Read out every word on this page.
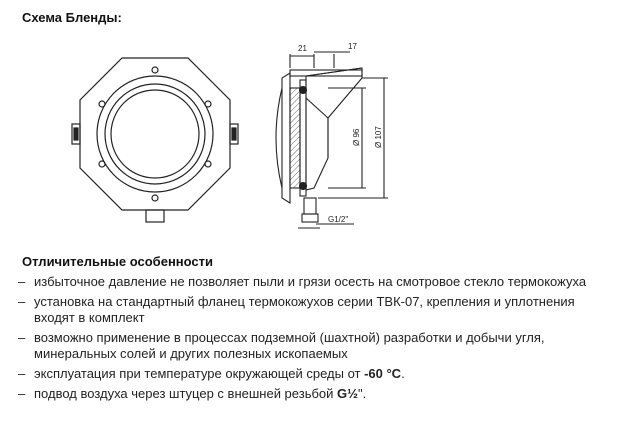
Схема Бленды:
21	17
Ø 96 Ø 107
G1/2"
Отличительные особенности
– избыточное давление не позволяет пыли и грязи осесть на смотровое стекло термокожуха
– установка на стандартный фланец термокожухов серии ТВК-07, крепления и уплотнения
входят в комплект
– возможно применение в процессах подземной (шахтной) разработки и добычи угля,
минеральных солей и других полезных ископаемых
– эксплуатация при температуре окружающей среды от -60 °C.
– подвод воздуха через штуцер с внешней резьбой G½".
